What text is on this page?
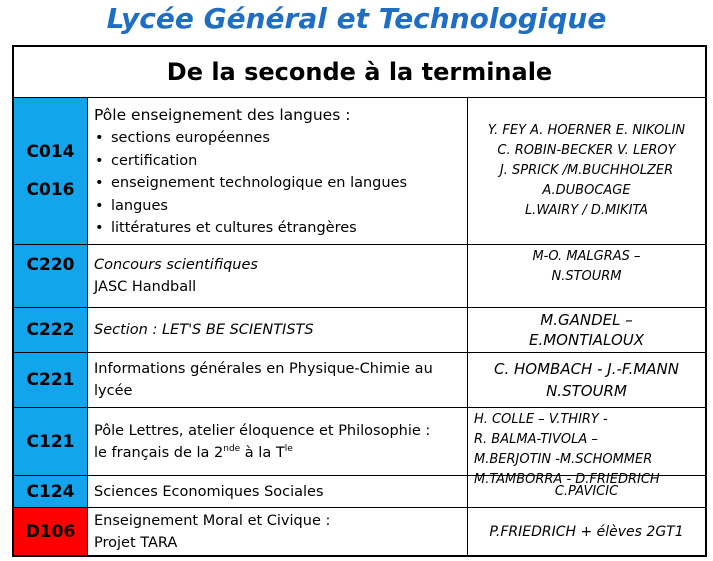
Lycée Général et Technologique
De la seconde à la terminale
C014
C016
Pôle enseignement des langues :
• sections européennes
• certification
• enseignement technologique en langues
• langues
• littératures et cultures étrangères
Y. FEY A. HOERNER E. NIKOLIN
C. ROBIN-BECKER V. LEROY
J. SPRICK /M.BUCHHOLZER
A.DUBOCAGE
L.WAIRY / D.MIKITA
C220 Concours scientifiques
JASC Handball
M-O. MALGRAS –
N.STOURM
C222 Section : LET'S BE SCIENTISTS
M.GANDEL –
E.MONTIALOUX
C221
Informations générales en Physique-Chimie au
lycée
C. HOMBACH - J.-F.MANN
N.STOURM
C121
Pôle Lettres, atelier éloquence et Philosophie :
le français de la 2nde à la $T^{le}$
H. COLLE – V.THIRY -
R. BALMA-TIVOLA –
M.BERJOTIN -M.SCHOMMER
M.TAMBORRA - D.FRIEDRICH
C124 Sciences Economiques Sociales	C.PAVICIC
D106
Enseignement Moral et Civique :
Projet TARA
P.FRIEDRICH + élèves 2GT1
